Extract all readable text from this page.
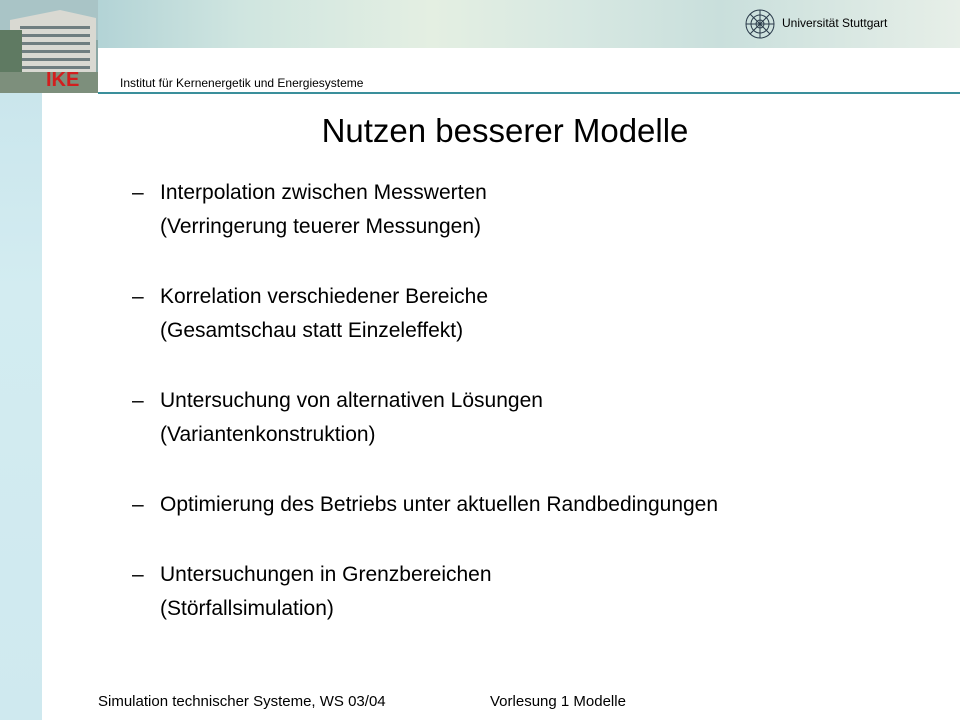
IKE	Institut für Kernenergetik und Energiesysteme
Universität Stuttgart
Nutzen besserer Modelle
– Interpolation zwischen Messwerten
(Verringerung teuerer Messungen)
– Korrelation verschiedener Bereiche
(Gesamtschau statt Einzeleffekt)
– Untersuchung von alternativen Lösungen
(Variantenkonstruktion)
– Optimierung des Betriebs unter aktuellen Randbedingungen
– Untersuchungen in Grenzbereichen
(Störfallsimulation)
Simulation technischer Systeme, WS 03/04	Vorlesung 1 Modelle
